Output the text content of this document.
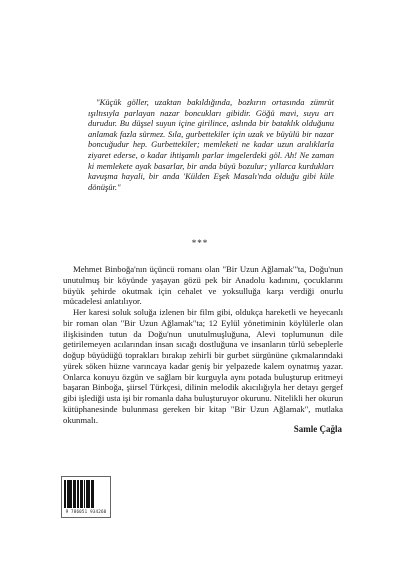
"Küçük göller, uzaktan bakıldığında, bozkırın ortasında zümrüt ışıltısıyla parlayan nazar boncukları gibidir. Göğü mavi, suyu arı durudur. Bu düşsel suyun içine girilince, aslında bir bataklık olduğunu anlamak fazla sürmez. Sıla, gurbettekiler için uzak ve büyülü bir nazar boncuğudur hep. Gurbettekiler; memleketi ne kadar uzun aralıklarla ziyaret ederse, o kadar ihtişamlı parlar imgelerdeki göl. Ah! Ne zaman ki memlekete ayak basarlar, bir anda büyü bozulur; yıllarca kurdukları kavuşma hayali, bir anda 'Külden Eşek Masalı'nda olduğu gibi küle dönüşür."

***

Mehmet Binboğa'nın üçüncü romanı olan "Bir Uzun Ağlamak"'ta, Doğu'nun unutulmuş bir köyünde yaşayan gözü pek bir Anadolu kadınını, çocuklarını büyük şehirde okutmak için cehalet ve yoksulluğa karşı verdiği onurlu mücadelesi anlatılıyor.

Her karesi soluk soluğa izlenen bir film gibi, oldukça hareketli ve heyecanlı bir roman olan "Bir Uzun Ağlamak"ta; 12 Eylül yönetiminin köylülerle olan ilişkisinden tutun da Doğu'nun unutulmuşluğuna, Alevi toplumunun dile getirilemeyen acılarından insan sıcağı dostluğuna ve insanların türlü sebeplerle doğup büyüdüğü toprakları bırakıp zehirli bir gurbet sürgününe çıkmalarındaki yürek söken hüzne varıncaya kadar geniş bir yelpazede kalem oynatmış yazar. Onlarca konuyu özgün ve sağlam bir kurguyla aynı potada buluşturup eritmeyi başaran Binboğa, şiirsel Türkçesi, dilinin melodik akıcılığıyla her detayı gergef gibi işlediği usta işi bir romanla daha buluşturuyor okurunu. Nitelikli her okurun kütüphanesinde bulunması gereken bir kitap "Bir Uzun Ağlamak", mutlaka okunmalı.

Samle Çağla
9 786051 934260
